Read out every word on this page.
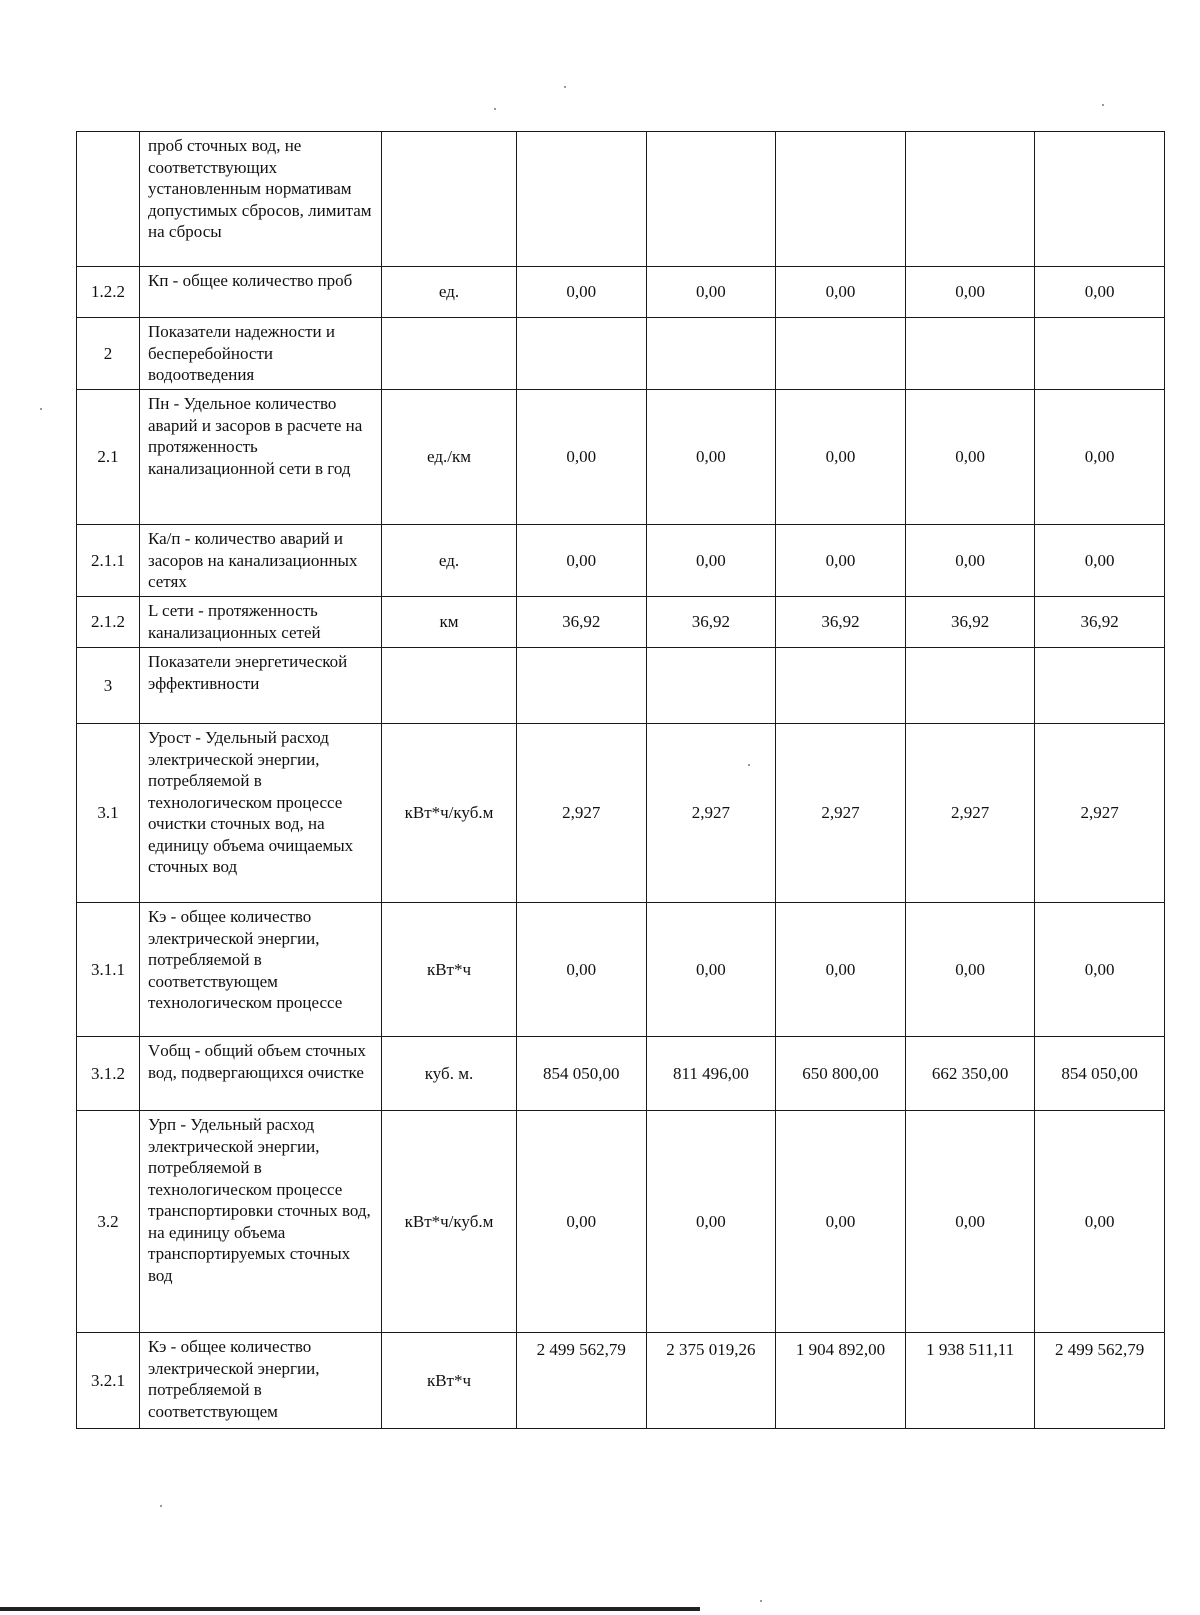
	проб сточных вод, не соответствующих установленным нормативам допустимых сбросов, лимитам на сбросы						
1.2.2	Кп - общее количество проб	ед.	0,00	0,00	0,00	0,00	0,00
2	Показатели надежности и бесперебойности водоотведения						
2.1	Пн - Удельное количество аварий и засоров в расчете на протяженность канализационной сети в год	ед./км	0,00	0,00	0,00	0,00	0,00
2.1.1	Ка/п - количество аварий и засоров на канализационных сетях	ед.	0,00	0,00	0,00	0,00	0,00
2.1.2	L сети - протяженность канализационных сетей	км	36,92	36,92	36,92	36,92	36,92
3	Показатели энергетической эффективности						
3.1	Урост - Удельный расход электрической энергии, потребляемой в технологическом процессе очистки сточных вод, на единицу объема очищаемых сточных вод	кВт*ч/куб.м	2,927	2,927	2,927	2,927	2,927
3.1.1	Кэ - общее количество электрической энергии, потребляемой в соответствующем технологическом процессе	кВт*ч	0,00	0,00	0,00	0,00	0,00
3.1.2	Vобщ - общий объем сточных вод, подвергающихся очистке	куб. м.	854 050,00	811 496,00	650 800,00	662 350,00	854 050,00
3.2	Урп - Удельный расход электрической энергии, потребляемой в технологическом процессе транспортировки сточных вод, на единицу объема транспортируемых сточных вод	кВт*ч/куб.м	0,00	0,00	0,00	0,00	0,00
3.2.1	Кэ - общее количество электрической энергии, потребляемой в соответствующем	кВт*ч	2 499 562,79	2 375 019,26	1 904 892,00	1 938 511,11	2 499 562,79
